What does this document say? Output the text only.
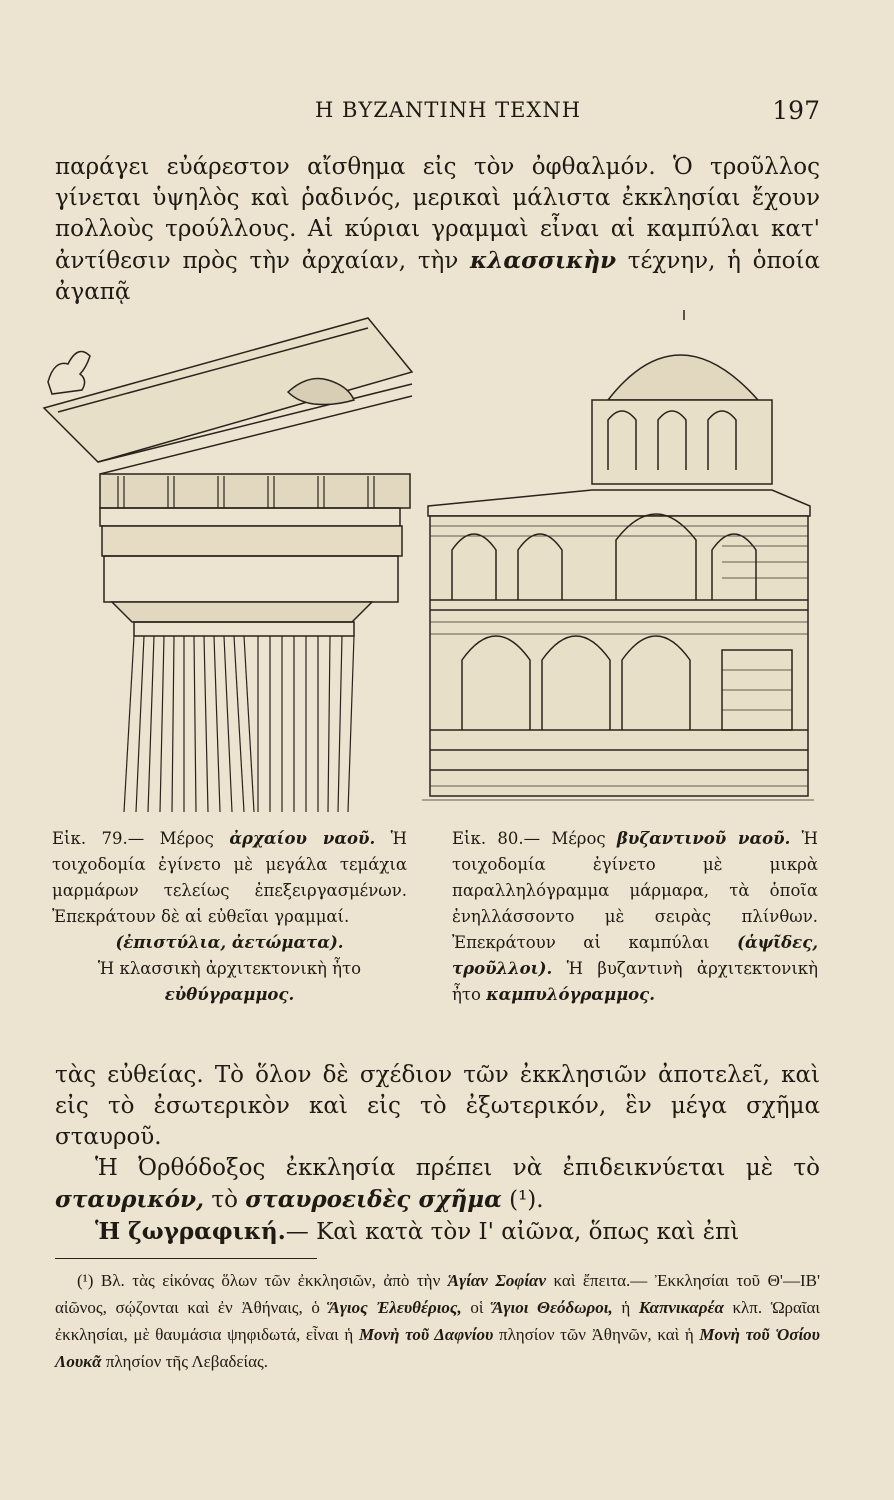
Η ΒΥΖΑΝΤΙΝΗ ΤΕΧΝΗ	197

παράγει εὐάρεστον αἴσθημα εἰς τὸν ὀφθαλμόν. Ὁ τροῦλλος γίνεται ὑψηλὸς καὶ ῥαδινός, μερικαὶ μάλιστα ἐκκλησίαι ἔχουν πολλοὺς τρούλλους. Αἱ κύριαι γραμμαὶ εἶναι αἱ καμπύλαι κατ' ἀντίθεσιν πρὸς τὴν ἀρχαίαν, τὴν κλασσικὴν τέχνην, ἡ ὁποία ἀγαπᾷ

Εἰκ. 79.— Μέρος ἀρχαίου ναοῦ. Ἡ τοιχοδομία ἐγίνετο μὲ μεγάλα τεμάχια μαρμάρων τελείως ἐπεξειργασμένων. Ἐπεκράτουν δὲ αἱ εὐθεῖαι γραμμαί.

(ἐπιστύλια, ἀετώματα).

Ἡ κλασσικὴ ἀρχιτεκτονικὴ ἦτο

εὐθύγραμμος.

Εἰκ. 80.— Μέρος βυζαντινοῦ ναοῦ. Ἡ τοιχοδομία ἐγίνετο μὲ μικρὰ παραλληλόγραμμα μάρμαρα, τὰ ὁποῖα ἐνηλλάσσοντο μὲ σειρὰς πλίνθων. Ἐπεκράτουν αἱ καμπύλαι (ἁψῖδες, τροῦλλοι). Ἡ βυζαντινὴ ἀρχιτεκτονικὴ ἦτο καμπυλόγραμμος.

τὰς εὐθείας. Τὸ ὅλον δὲ σχέδιον τῶν ἐκκλησιῶν ἀποτελεῖ, καὶ εἰς τὸ ἐσωτερικὸν καὶ εἰς τὸ ἐξωτερικόν, ἓν μέγα σχῆμα σταυροῦ.

Ἡ Ὀρθόδοξος ἐκκλησία πρέπει νὰ ἐπιδεικνύεται μὲ τὸ σταυρικόν, τὸ σταυροειδὲς σχῆμα (¹).

Ἡ ζωγραφική.— Καὶ κατὰ τὸν Ι' αἰῶνα, ὅπως καὶ ἐπὶ

(¹) Βλ. τὰς εἰκόνας ὅλων τῶν ἐκκλησιῶν, ἀπὸ τὴν Ἁγίαν Σοφίαν καὶ ἔπειτα.— Ἐκκλησίαι τοῦ Θ'—ΙΒ' αἰῶνος, σῴζονται καὶ ἐν Ἀθήναις, ὁ Ἅγιος Ἐλευθέριος, οἱ Ἅγιοι Θεόδωροι, ἡ Καπνικαρέα κλπ. Ὡραῖαι ἐκκλησίαι, μὲ θαυμάσια ψηφιδωτά, εἶναι ἡ Μονὴ τοῦ Δαφνίου πλησίον τῶν Ἀθηνῶν, καὶ ἡ Μονὴ τοῦ Ὁσίου Λουκᾶ πλησίον τῆς Λεβαδείας.
